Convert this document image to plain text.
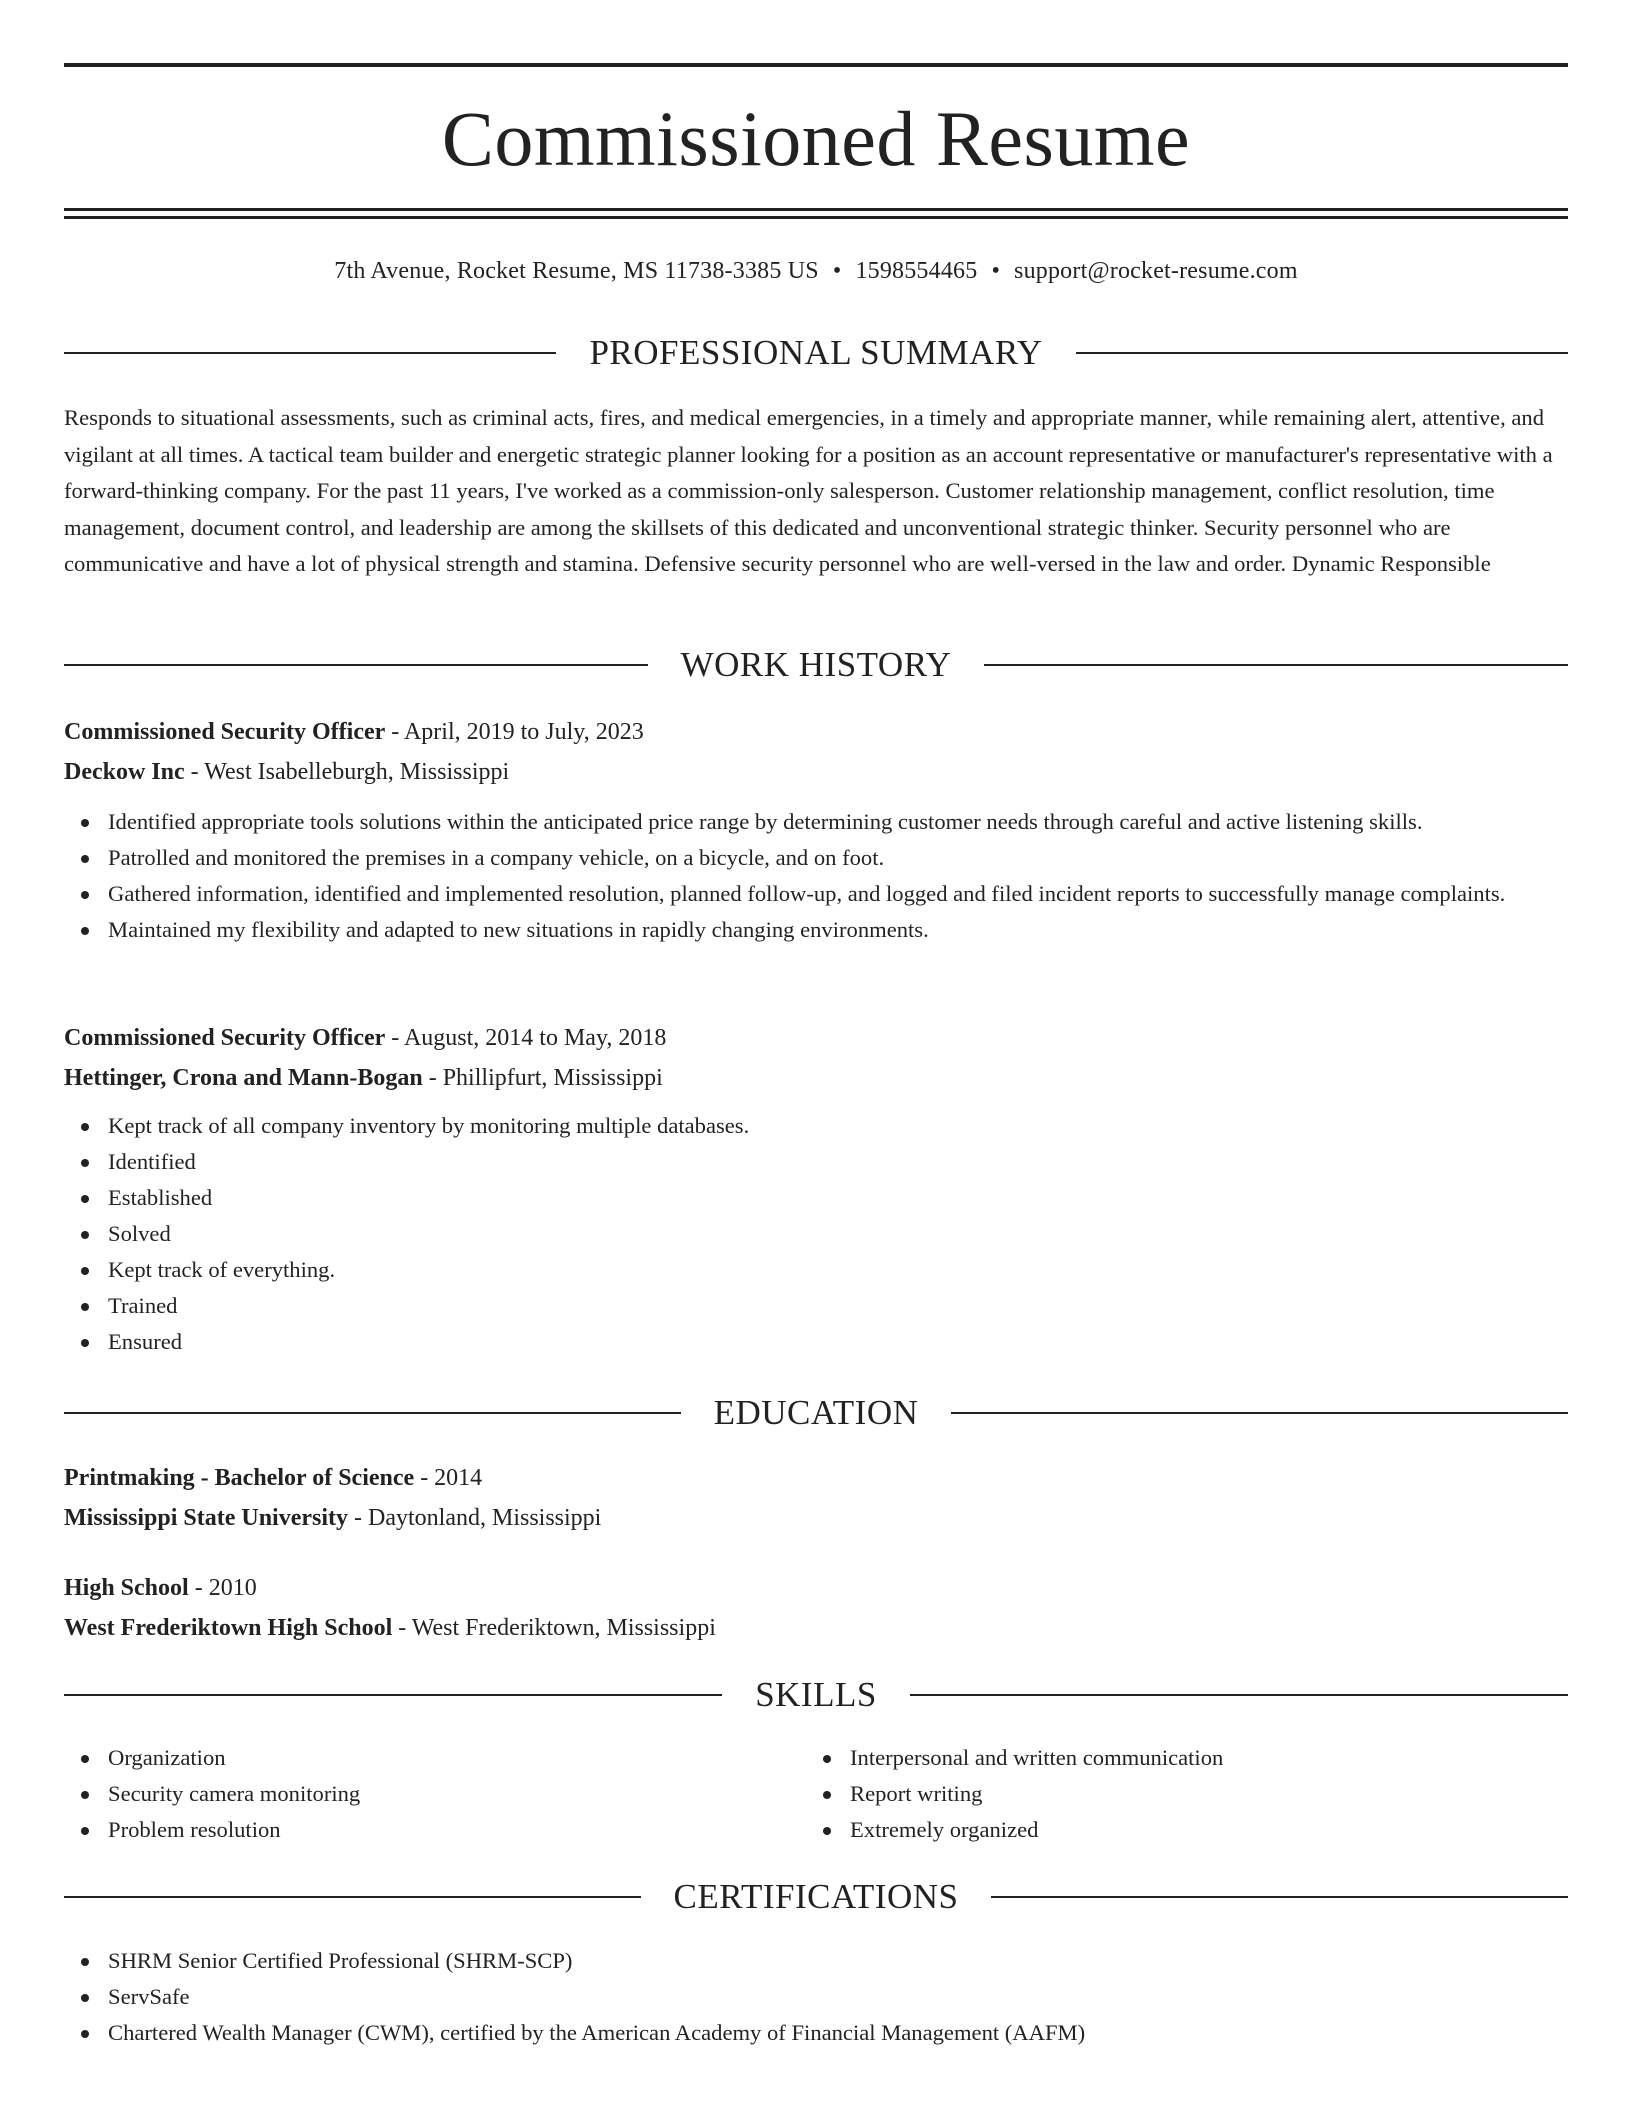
Commissioned Resume
7th Avenue, Rocket Resume, MS 11738-3385 US • 1598554465 • support@rocket-resume.com
PROFESSIONAL SUMMARY

Responds to situational assessments, such as criminal acts, fires, and medical emergencies, in a timely and appropriate manner, while remaining alert, attentive, and vigilant at all times. A tactical team builder and energetic strategic planner looking for a position as an account representative or manufacturer's representative with a forward-thinking company. For the past 11 years, I've worked as a commission-only salesperson. Customer relationship management, conflict resolution, time management, document control, and leadership are among the skillsets of this dedicated and unconventional strategic thinker. Security personnel who are communicative and have a lot of physical strength and stamina. Defensive security personnel who are well-versed in the law and order. Dynamic Responsible

WORK HISTORY
Commissioned Security Officer - April, 2019 to July, 2023
Deckow Inc - West Isabelleburgh, Mississippi
Identified appropriate tools solutions within the anticipated price range by determining customer needs through careful and active listening skills.
Patrolled and monitored the premises in a company vehicle, on a bicycle, and on foot.
Gathered information, identified and implemented resolution, planned follow-up, and logged and filed incident reports to successfully manage complaints.
Maintained my flexibility and adapted to new situations in rapidly changing environments.
Commissioned Security Officer - August, 2014 to May, 2018
Hettinger, Crona and Mann-Bogan - Phillipfurt, Mississippi
Kept track of all company inventory by monitoring multiple databases.
Identified
Established
Solved
Kept track of everything.
Trained
Ensured
EDUCATION
Printmaking - Bachelor of Science - 2014
Mississippi State University - Daytonland, Mississippi
High School - 2010
West Frederiktown High School - West Frederiktown, Mississippi
SKILLS
Organization
Security camera monitoring
Problem resolution
Interpersonal and written communication
Report writing
Extremely organized
CERTIFICATIONS
SHRM Senior Certified Professional (SHRM-SCP)
ServSafe
Chartered Wealth Manager (CWM), certified by the American Academy of Financial Management (AAFM)
